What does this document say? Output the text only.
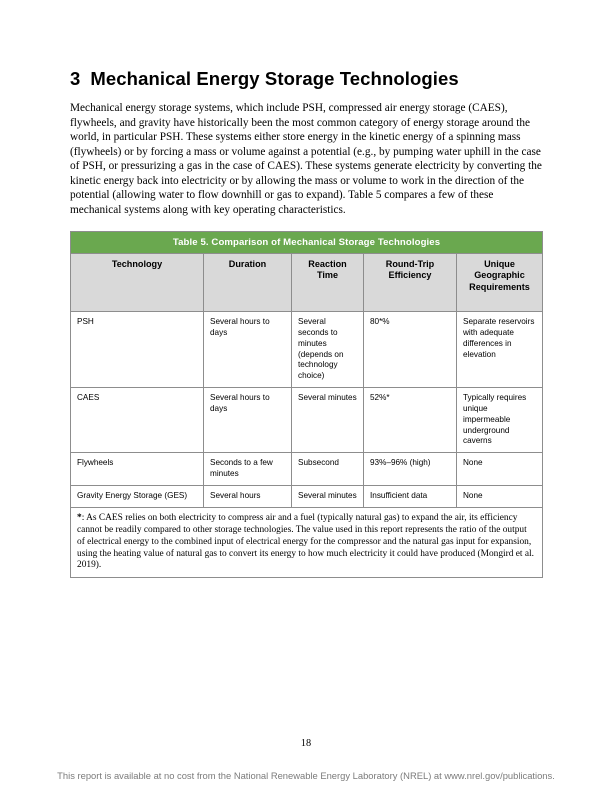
3 Mechanical Energy Storage Technologies

Mechanical energy storage systems, which include PSH, compressed air energy storage (CAES), flywheels, and gravity have historically been the most common category of energy storage around the world, in particular PSH. These systems either store energy in the kinetic energy of a spinning mass (flywheels) or by forcing a mass or volume against a potential (e.g., by pumping water uphill in the case of PSH, or pressurizing a gas in the case of CAES). These systems generate electricity by converting the kinetic energy back into electricity or by allowing the mass or volume to work in the direction of the potential (allowing water to flow downhill or gas to expand). Table 5 compares a few of these mechanical systems along with key operating characteristics.

Table 5. Comparison of Mechanical Storage Technologies				
Technology	Duration	Reaction Time	Round-Trip Efficiency	Unique Geographic Requirements
PSH	Several hours to days	Several seconds to minutes (depends on technology choice)	80*%	Separate reservoirs with adequate differences in elevation
CAES	Several hours to days	Several minutes	52%*	Typically requires unique impermeable underground caverns
Flywheels	Seconds to a few minutes	Subsecond	93%–96% (high)	None
Gravity Energy Storage (GES)	Several hours	Several minutes	Insufficient data	None
*: As CAES relies on both electricity to compress air and a fuel (typically natural gas) to expand the air, its efficiency cannot be readily compared to other storage technologies. The value used in this report represents the ratio of the output of electrical energy to the combined input of electrical energy for the compressor and the natural gas input for expansion, using the heating value of natural gas to convert its energy to how much electricity it could have produced (Mongird et al. 2019).				
18
This report is available at no cost from the National Renewable Energy Laboratory (NREL) at www.nrel.gov/publications.
